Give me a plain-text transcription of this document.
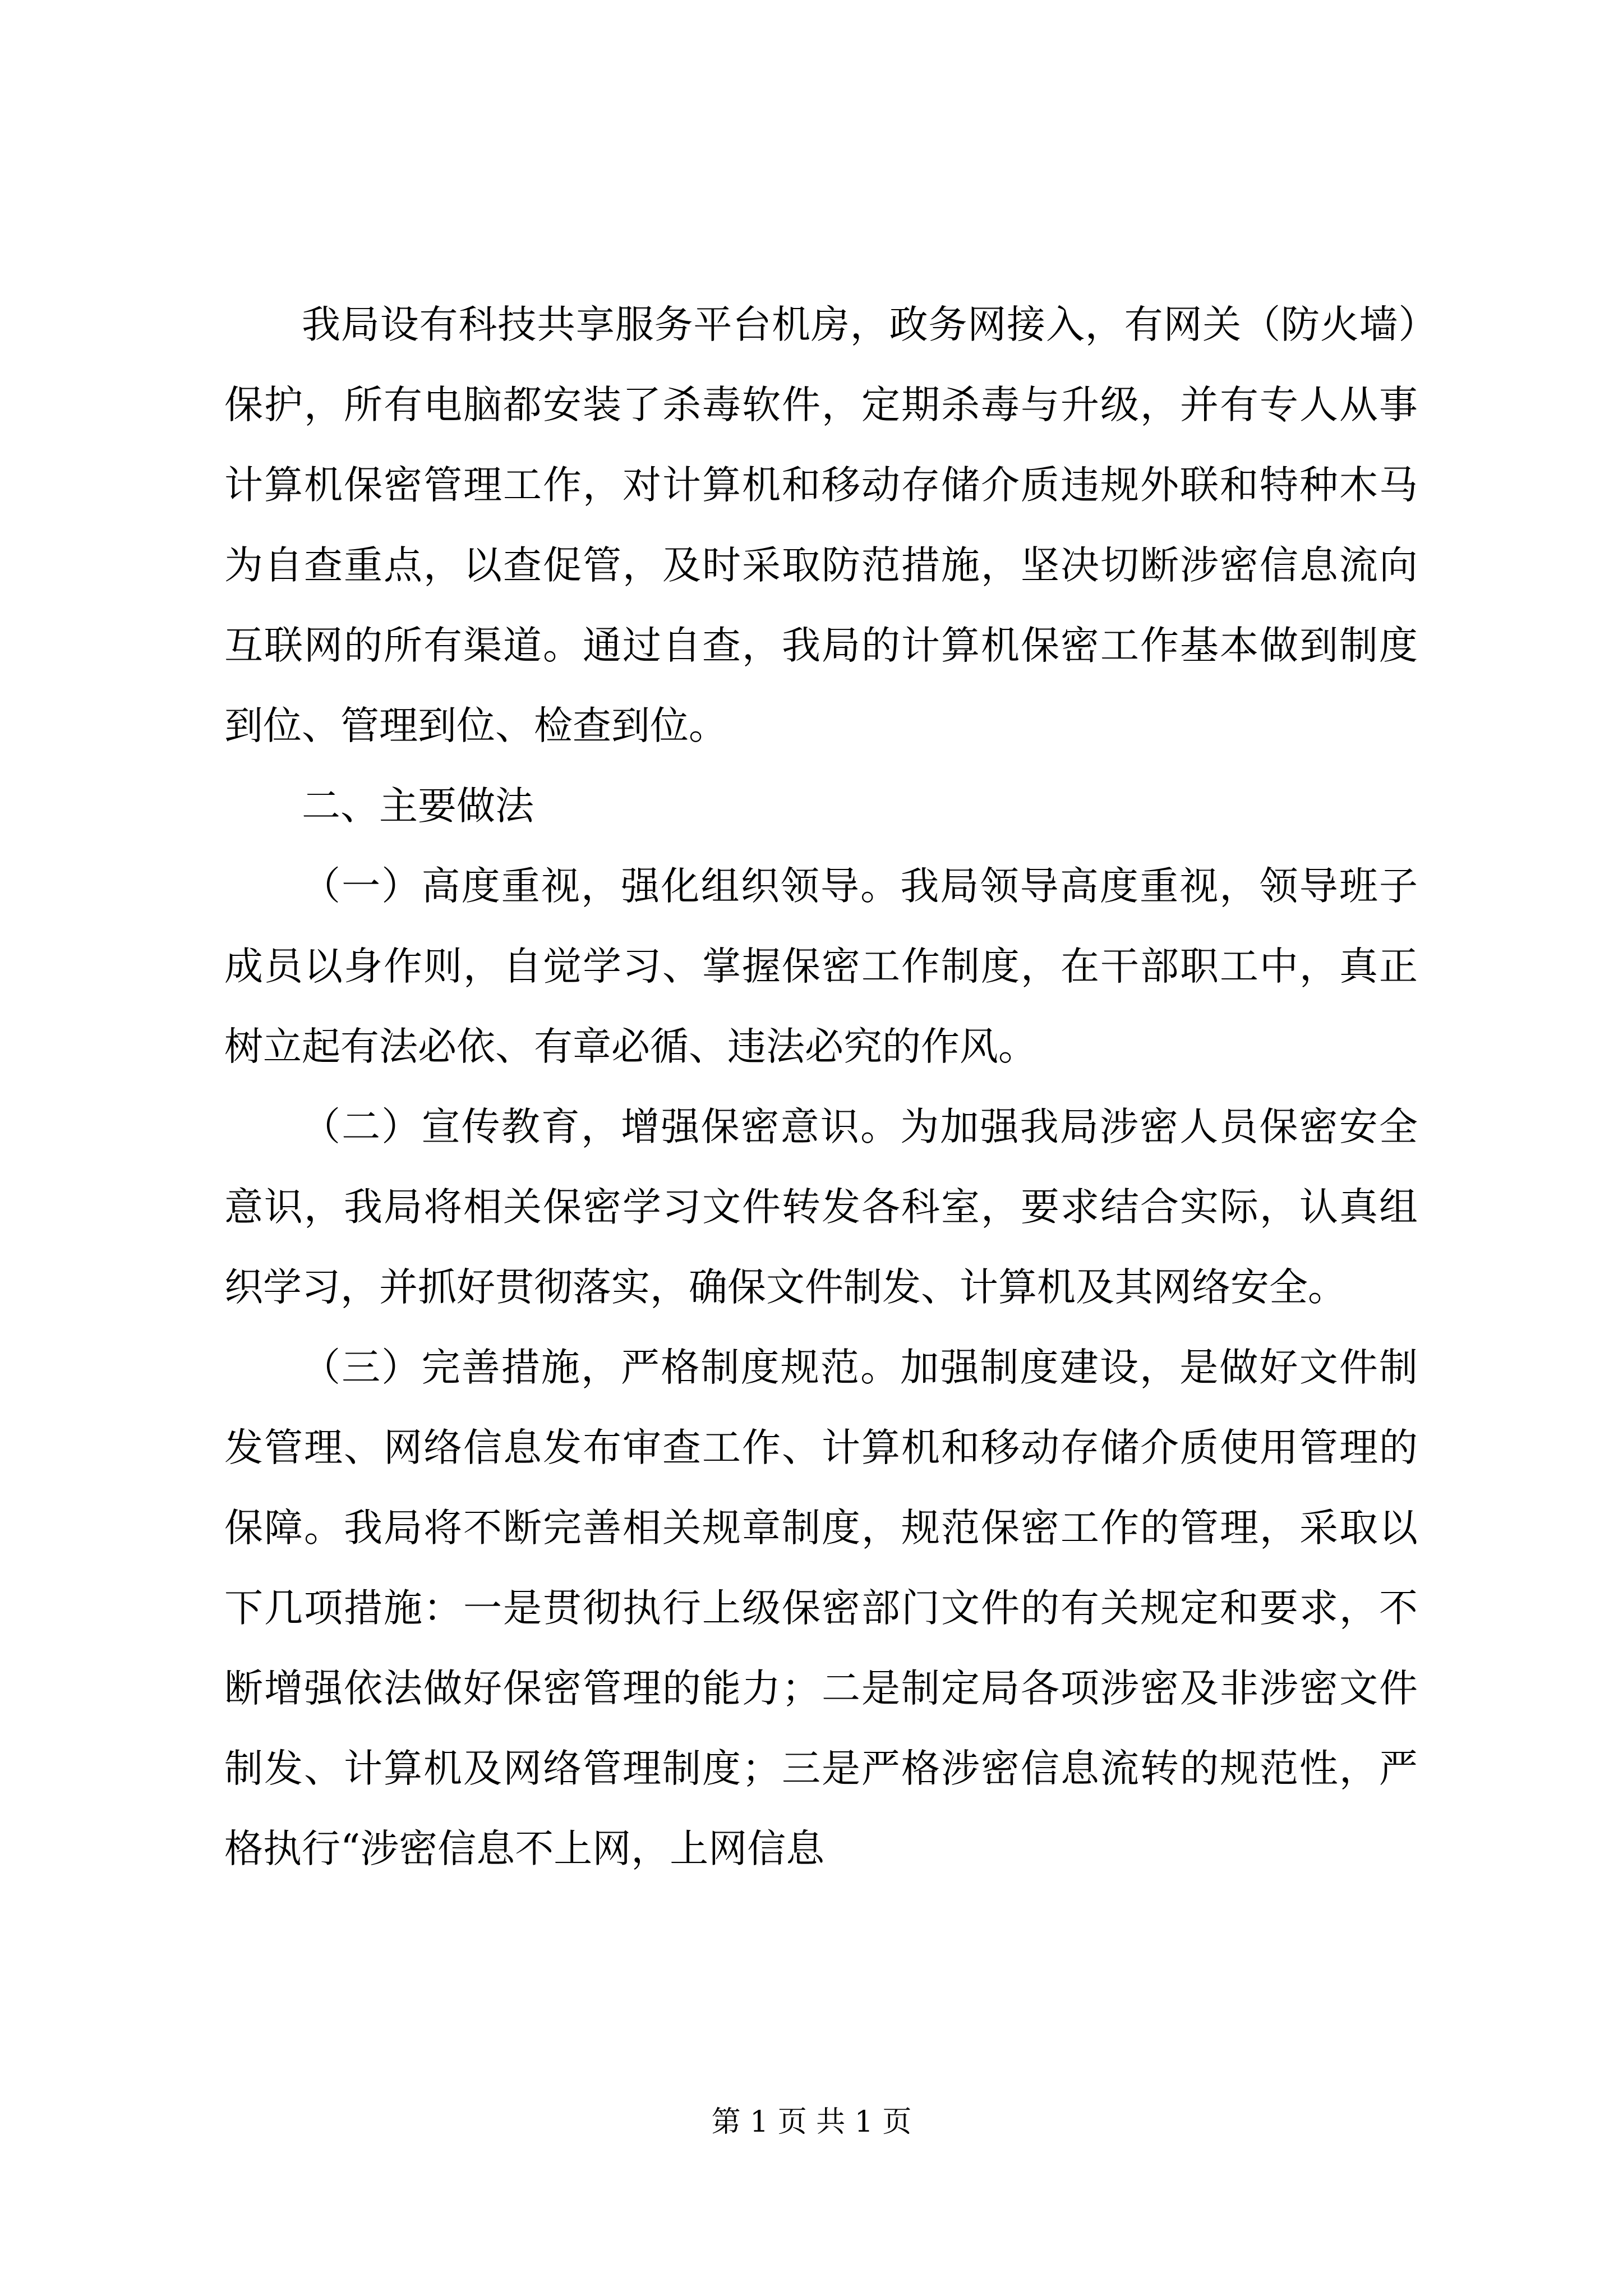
我局设有科技共享服务平台机房，政务网接入，有网关（防火墙）保护，所有电脑都安装了杀毒软件，定期杀毒与升级，并有专人从事计算机保密管理工作，对计算机和移动存储介质违规外联和特种木马为自查重点，以查促管，及时采取防范措施，坚决切断涉密信息流向互联网的所有渠道。通过自查，我局的计算机保密工作基本做到制度到位、管理到位、检查到位。

二、主要做法

（一）高度重视，强化组织领导。我局领导高度重视，领导班子成员以身作则，自觉学习、掌握保密工作制度，在干部职工中，真正树立起有法必依、有章必循、违法必究的作风。

（二）宣传教育，增强保密意识。为加强我局涉密人员保密安全意识，我局将相关保密学习文件转发各科室，要求结合实际，认真组织学习，并抓好贯彻落实，确保文件制发、计算机及其网络安全。

（三）完善措施，严格制度规范。加强制度建设，是做好文件制发管理、网络信息发布审查工作、计算机和移动存储介质使用管理的保障。我局将不断完善相关规章制度，规范保密工作的管理，采取以下几项措施：一是贯彻执行上级保密部门文件的有关规定和要求，不断增强依法做好保密管理的能力；二是制定局各项涉密及非涉密文件制发、计算机及网络管理制度；三是严格涉密信息流转的规范性，严格执行“涉密信息不上网，上网信息

第 1 页 共 1 页
